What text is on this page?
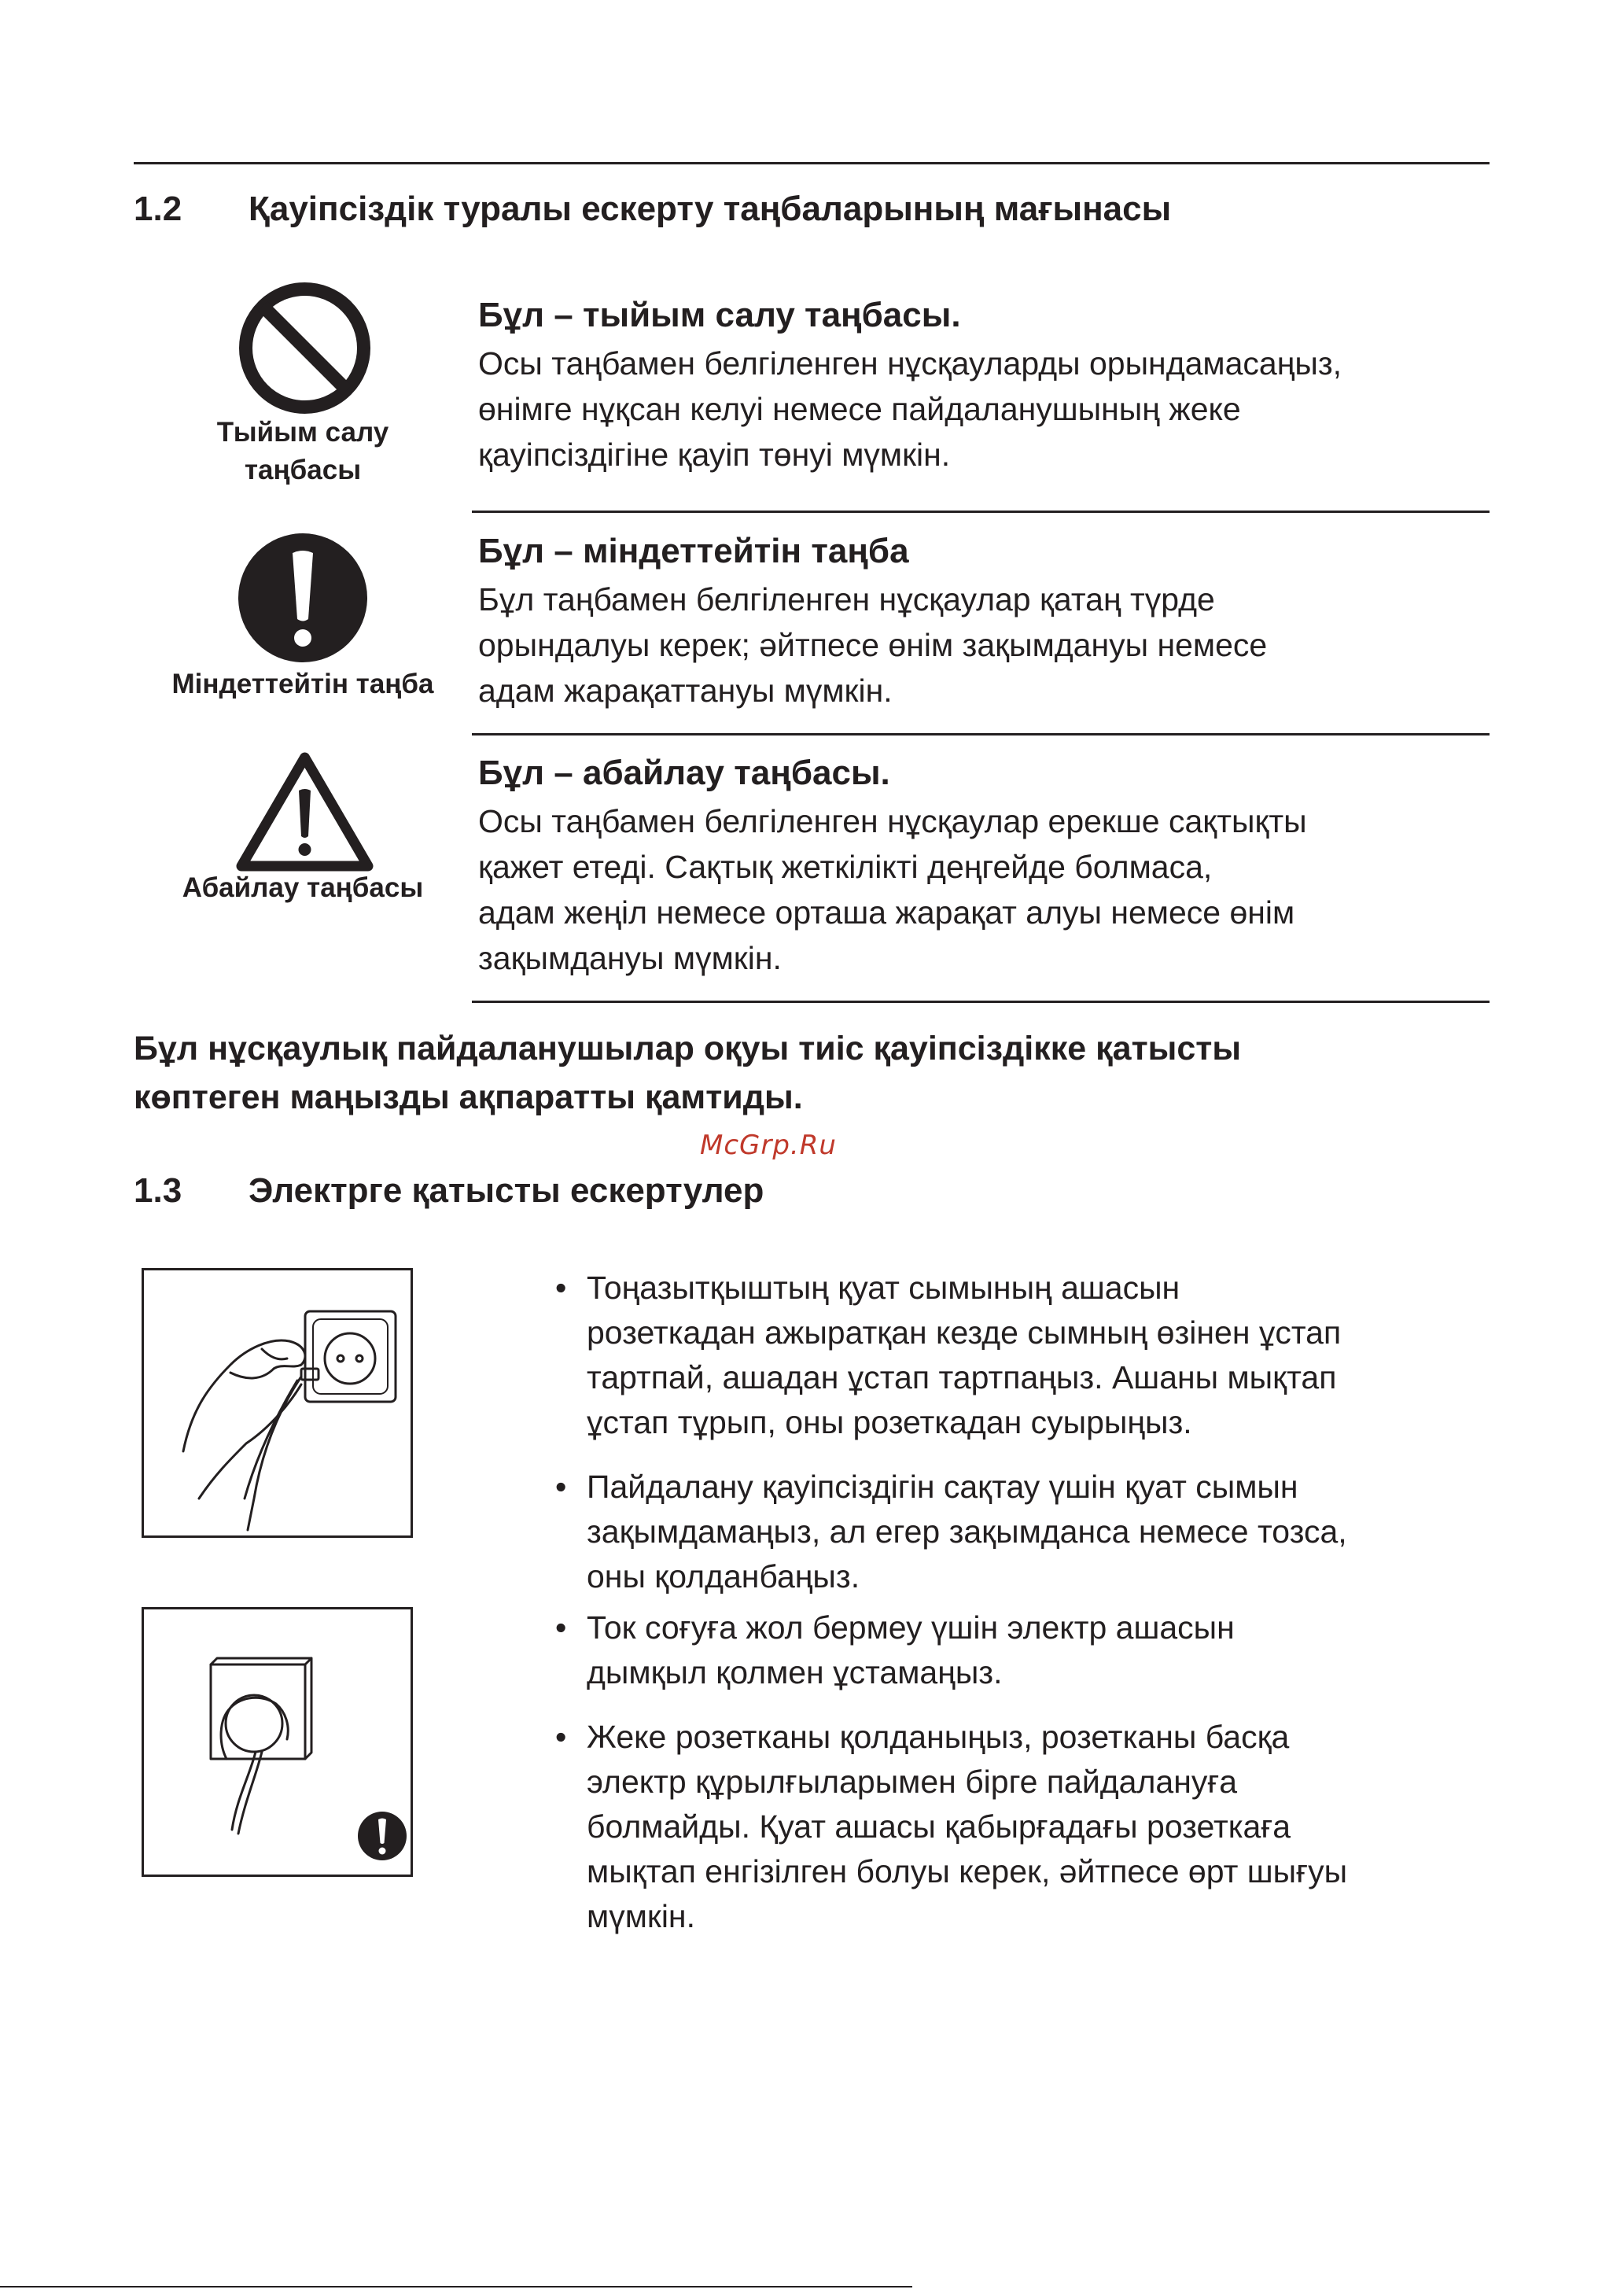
1.2 Қауіпсіздік туралы ескерту таңбаларының мағынасы
Тыйым салу
таңбасы
Бұл – тыйым салу таңбасы.
Осы таңбамен белгіленген нұсқауларды орындамасаңыз,
өнімге нұқсан келуі немесе пайдаланушының жеке
қауіпсіздігіне қауіп төнуі мүмкін.
Міндеттейтін таңба
Бұл – міндеттейтін таңба
Бұл таңбамен белгіленген нұсқаулар қатаң түрде
орындалуы керек; әйтпесе өнім зақымдануы немесе
адам жарақаттануы мүмкін.
Абайлау таңбасы
Бұл – абайлау таңбасы.
Осы таңбамен белгіленген нұсқаулар ерекше сақтықты
қажет етеді. Сақтық жеткілікті деңгейде болмаса,
адам жеңіл немесе орташа жарақат алуы немесе өнім
зақымдануы мүмкін.
Бұл нұсқаулық пайдаланушылар оқуы тиіс қауіпсіздікке қатысты
көптеген маңызды ақпаратты қамтиды.
McGrp.Ru
1.3 Электрге қатысты ескертулер
• Тоңазытқыштың қуат сымының ашасын
розеткадан ажыратқан кезде сымның өзінен ұстап
тартпай, ашадан ұстап тартпаңыз. Ашаны мықтап
ұстап тұрып, оны розеткадан суырыңыз.
• Пайдалану қауіпсіздігін сақтау үшін қуат сымын
зақымдамаңыз, ал егер зақымданса немесе тозса,
оны қолданбаңыз.
• Ток соғуға жол бермеу үшін электр ашасын
дымқыл қолмен ұстамаңыз.
• Жеке розетканы қолданыңыз, розетканы басқа
электр құрылғыларымен бірге пайдалануға
болмайды. Қуат ашасы қабырғадағы розеткаға
мықтап енгізілген болуы керек, әйтпесе өрт шығуы
мүмкін.
